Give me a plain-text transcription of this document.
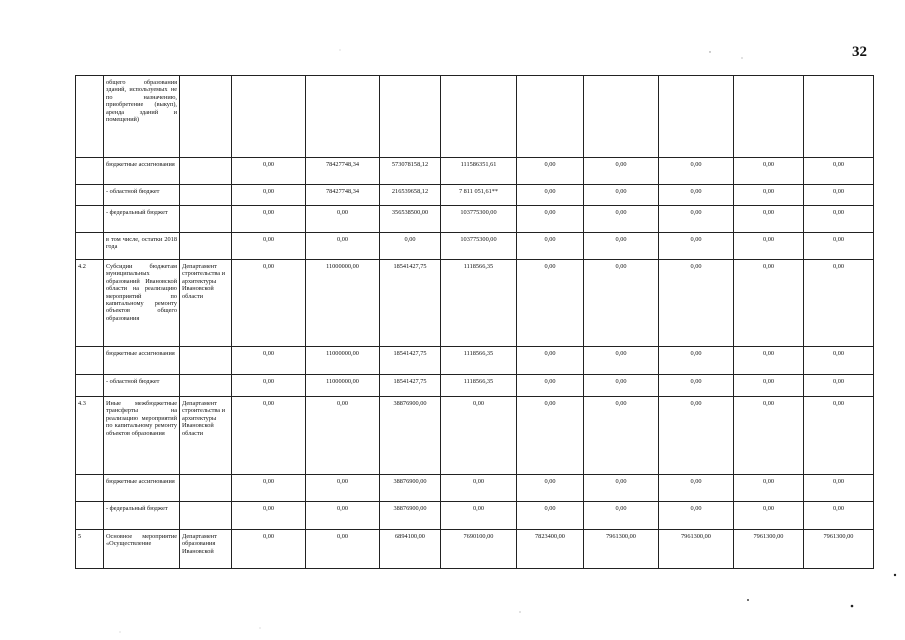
32
	общего образования зданий, используемых не по назначению, приобретение (выкуп), аренда зданий и помещений)										
	бюджетные ассигнования		0,00	78427748,34	573078158,12	111586351,61	0,00	0,00	0,00	0,00	0,00
	- областной бюджет		0,00	78427748,34	216539658,12	7 811 051,61**	0,00	0,00	0,00	0,00	0,00
	- федеральный бюджет		0,00	0,00	356538500,00	103775300,00	0,00	0,00	0,00	0,00	0,00
	в том числе, остатки 2018 года		0,00	0,00	0,00	103775300,00	0,00	0,00	0,00	0,00	0,00
4.2	Субсидии бюджетам муниципальных образований Ивановской области на реализацию мероприятий по капитальному ремонту объектов общего образования	Департамент строительства и архитектуры Ивановской области	0,00	11000000,00	18541427,75	1118566,35	0,00	0,00	0,00	0,00	0,00
	бюджетные ассигнования		0,00	11000000,00	18541427,75	1118566,35	0,00	0,00	0,00	0,00	0,00
	- областной бюджет		0,00	11000000,00	18541427,75	1118566,35	0,00	0,00	0,00	0,00	0,00
4.3	Иные межбюджетные трансферты на реализацию мероприятий по капитальному ремонту объектов образования	Департамент строительства и архитектуры Ивановской области	0,00	0,00	38876900,00	0,00	0,00	0,00	0,00	0,00	0,00
	бюджетные ассигнования		0,00	0,00	38876900,00	0,00	0,00	0,00	0,00	0,00	0,00
	- федеральный бюджет		0,00	0,00	38876900,00	0,00	0,00	0,00	0,00	0,00	0,00
5	Основное мероприятие «Осуществление	Департамент образования Ивановской	0,00	0,00	6894100,00	7690100,00	7823400,00	7961300,00	7961300,00	7961300,00	7961300,00
